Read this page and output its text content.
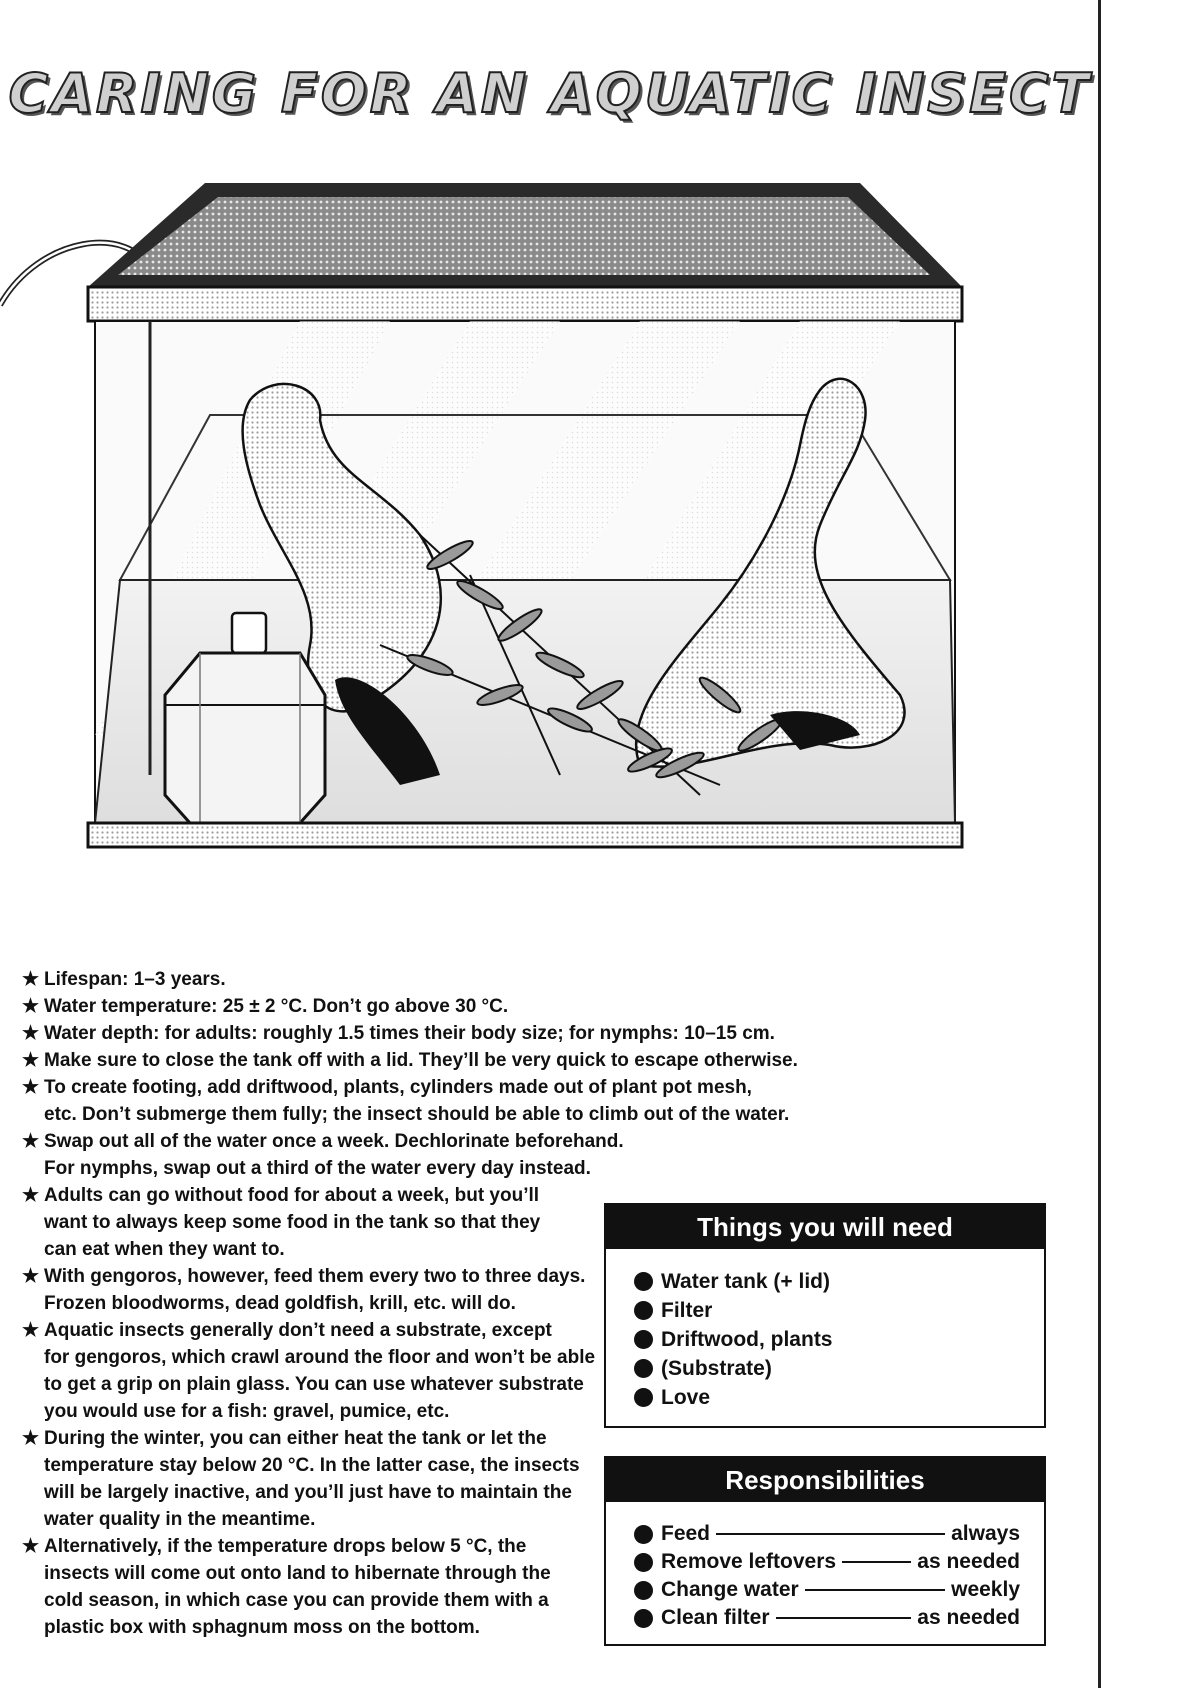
CARING FOR AN AQUATIC INSECT
★ Lifespan: 1–3 years.
★ Water temperature: 25 ± 2 °C. Don’t go above 30 °C.
★ Water depth: for adults: roughly 1.5 times their body size; for nymphs: 10–15 cm.
★ Make sure to close the tank off with a lid. They’ll be very quick to escape otherwise.
★ To create footing, add driftwood, plants, cylinders made out of plant pot mesh,
etc. Don’t submerge them fully; the insect should be able to climb out of the water.
★ Swap out all of the water once a week. Dechlorinate beforehand.
For nymphs, swap out a third of the water every day instead.
★ Adults can go without food for about a week, but you’ll
want to always keep some food in the tank so that they
can eat when they want to.
★ With gengoros, however, feed them every two to three days.
Frozen bloodworms, dead goldfish, krill, etc. will do.
★ Aquatic insects generally don’t need a substrate, except
for gengoros, which crawl around the floor and won’t be able
to get a grip on plain glass. You can use whatever substrate
you would use for a fish: gravel, pumice, etc.
★ During the winter, you can either heat the tank or let the
temperature stay below 20 °C. In the latter case, the insects
will be largely inactive, and you’ll just have to maintain the
water quality in the meantime.
★ Alternatively, if the temperature drops below 5 °C, the
insects will come out onto land to hibernate through the
cold season, in which case you can provide them with a
plastic box with sphagnum moss on the bottom.
Things you will need
Water tank (+ lid)
Filter
Driftwood, plants
(Substrate)
Love
Responsibilities
Feed	always
Remove leftovers	as needed
Change water	weekly
Clean filter	as needed
